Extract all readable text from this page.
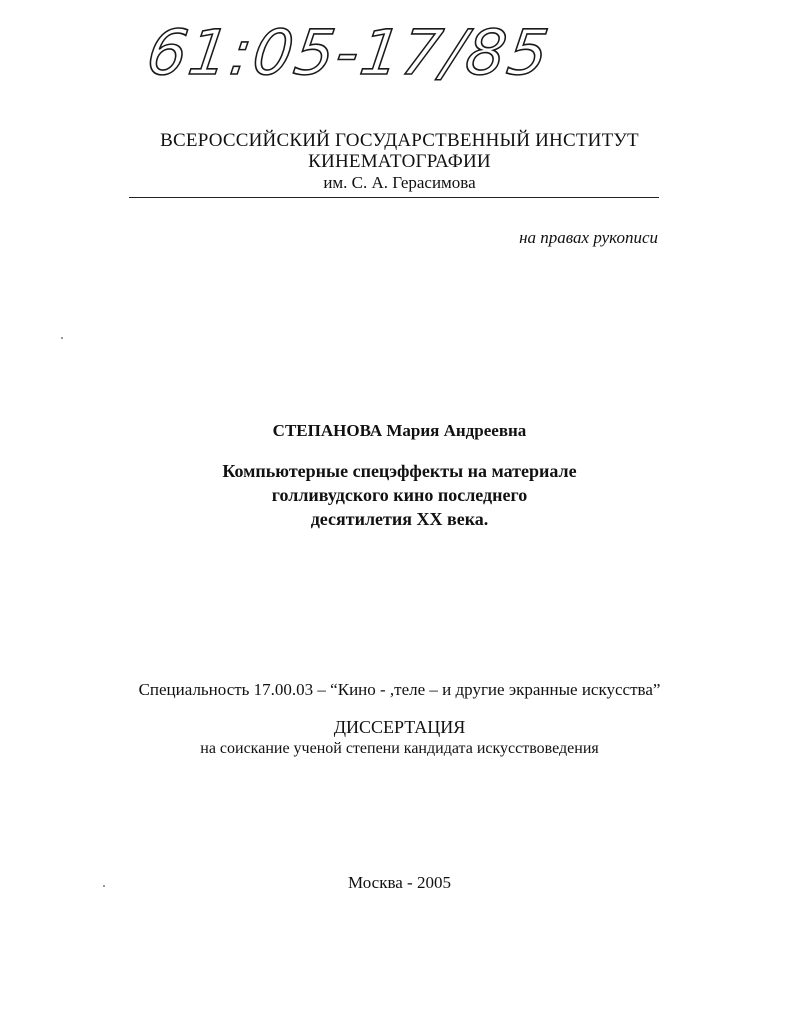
61:05-17/85
ВСЕРОССИЙСКИЙ ГОСУДАРСТВЕННЫЙ ИНСТИТУТ
КИНЕМАТОГРАФИИ
им. С. А. Герасимова
на правах рукописи
СТЕПАНОВА Мария Андреевна
Компьютерные спецэффекты на материале
голливудского кино последнего
десятилетия XX века.
Специальность 17.00.03 – “Кино - ,теле – и другие экранные искусства”
ДИССЕРТАЦИЯ
на соискание ученой степени кандидата искусствоведения
Москва - 2005
